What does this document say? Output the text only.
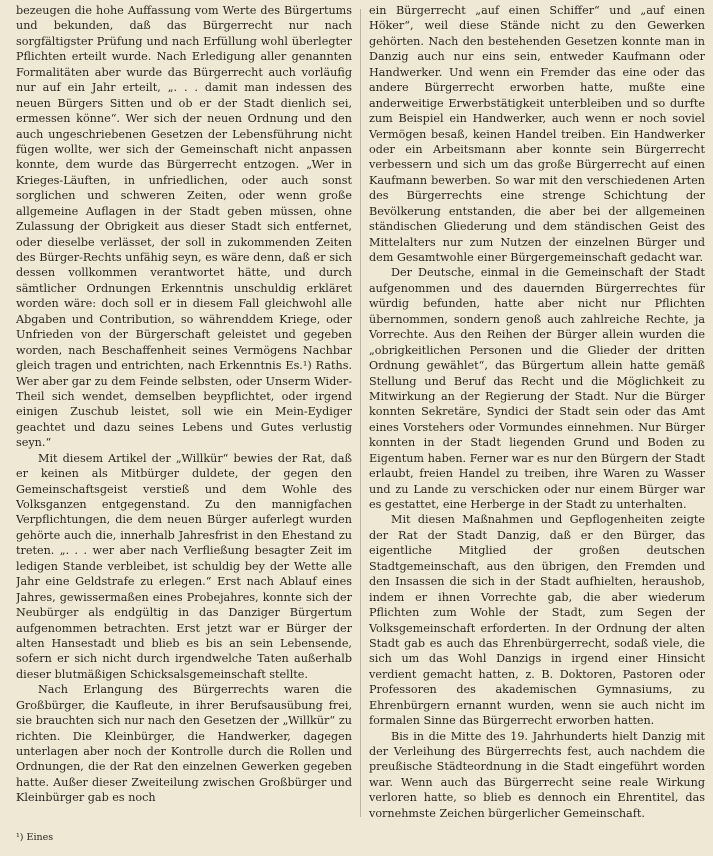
bezeugen die hohe Auffassung vom Werte des Bürgertums und bekunden, daß das Bürgerrecht nur nach sorgfältigster Prüfung und nach Erfüllung wohl überlegter Pflichten erteilt wurde. Nach Erledigung aller genannten Formalitäten aber wurde das Bürgerrecht auch vorläufig nur auf ein Jahr erteilt, „. . . damit man indessen des neuen Bürgers Sitten und ob er der Stadt dienlich sei, ermessen könne“. Wer sich der neuen Ordnung und den auch ungeschriebenen Gesetzen der Lebensführung nicht fügen wollte, wer sich der Gemeinschaft nicht anpassen konnte, dem wurde das Bürgerrecht entzogen. „Wer in Krieges-Läuften, in unfriedlichen, oder auch sonst sorglichen und schweren Zeiten, oder wenn große allgemeine Auflagen in der Stadt geben müssen, ohne Zulassung der Obrigkeit aus dieser Stadt sich entfernet, oder dieselbe verlässet, der soll in zukommenden Zeiten des Bürger-Rechts unfähig seyn, es wäre denn, daß er sich dessen vollkommen verantwortet hätte, und durch sämtlicher Ordnungen Erkenntnis unschuldig erkläret worden wäre: doch soll er in diesem Fall gleichwohl alle Abgaben und Contribution, so währenddem Kriege, oder Unfrieden von der Bürgerschaft geleistet und gegeben worden, nach Beschaffenheit seines Vermögens Nachbar gleich tragen und entrichten, nach Erkenntnis Es.¹) Raths. Wer aber gar zu dem Feinde selbsten, oder Unserm Wider-Theil sich wendet, demselben beypflichtet, oder irgend einigen Zuschub leistet, soll wie ein Mein-Eydiger geachtet und dazu seines Lebens und Gutes verlustig seyn.“

Mit diesem Artikel der „Willkür“ bewies der Rat, daß er keinen als Mitbürger duldete, der gegen den Gemeinschaftsgeist verstieß und dem Wohle des Volksganzen entgegenstand. Zu den mannigfachen Verpflichtungen, die dem neuen Bürger auferlegt wurden gehörte auch die, innerhalb Jahresfrist in den Ehestand zu treten. „. . . wer aber nach Verfließung besagter Zeit im ledigen Stande verbleibet, ist schuldig bey der Wette alle Jahr eine Geldstrafe zu erlegen.“ Erst nach Ablauf eines Jahres, gewissermaßen eines Probejahres, konnte sich der Neubürger als endgültig in das Danziger Bürgertum aufgenommen betrachten. Erst jetzt war er Bürger der alten Hansestadt und blieb es bis an sein Lebensende, sofern er sich nicht durch irgendwelche Taten außerhalb dieser blutmäßigen Schicksalsgemeinschaft stellte.

Nach Erlangung des Bürgerrechts waren die Großbürger, die Kaufleute, in ihrer Berufsausübung frei, sie brauchten sich nur nach den Gesetzen der „Willkür“ zu richten. Die Kleinbürger, die Handwerker, dagegen unterlagen aber noch der Kontrolle durch die Rollen und Ordnungen, die der Rat den einzelnen Gewerken gegeben hatte. Außer dieser Zweiteilung zwischen Großbürger und Kleinbürger gab es noch

ein Bürgerrecht „auf einen Schiffer“ und „auf einen Höker“, weil diese Stände nicht zu den Gewerken gehörten. Nach den bestehenden Gesetzen konnte man in Danzig auch nur eins sein, entweder Kaufmann oder Handwerker. Und wenn ein Fremder das eine oder das andere Bürgerrecht erworben hatte, mußte eine anderweitige Erwerbstätigkeit unterbleiben und so durfte zum Beispiel ein Handwerker, auch wenn er noch soviel Vermögen besaß, keinen Handel treiben. Ein Handwerker oder ein Arbeitsmann aber konnte sein Bürgerrecht verbessern und sich um das große Bürgerrecht auf einen Kaufmann bewerben. So war mit den verschiedenen Arten des Bürgerrechts eine strenge Schichtung der Bevölkerung entstanden, die aber bei der allgemeinen ständischen Gliederung und dem ständischen Geist des Mittelalters nur zum Nutzen der einzelnen Bürger und dem Gesamtwohle einer Bürgergemeinschaft gedacht war.

Der Deutsche, einmal in die Gemeinschaft der Stadt aufgenommen und des dauernden Bürgerrechtes für würdig befunden, hatte aber nicht nur Pflichten übernommen, sondern genoß auch zahlreiche Rechte, ja Vorrechte. Aus den Reihen der Bürger allein wurden die „obrigkeitlichen Personen und die Glieder der dritten Ordnung gewählet“, das Bürgertum allein hatte gemäß Stellung und Beruf das Recht und die Möglichkeit zu Mitwirkung an der Regierung der Stadt. Nur die Bürger konnten Sekretäre, Syndici der Stadt sein oder das Amt eines Vorstehers oder Vormundes einnehmen. Nur Bürger konnten in der Stadt liegenden Grund und Boden zu Eigentum haben. Ferner war es nur den Bürgern der Stadt erlaubt, freien Handel zu treiben, ihre Waren zu Wasser und zu Lande zu verschicken oder nur einem Bürger war es gestattet, eine Herberge in der Stadt zu unterhalten.

Mit diesen Maßnahmen und Gepflogenheiten zeigte der Rat der Stadt Danzig, daß er den Bürger, das eigentliche Mitglied der großen deutschen Stadtgemeinschaft, aus den übrigen, den Fremden und den Insassen die sich in der Stadt aufhielten, heraushob, indem er ihnen Vorrechte gab, die aber wiederum Pflichten zum Wohle der Stadt, zum Segen der Volksgemeinschaft erforderten. In der Ordnung der alten Stadt gab es auch das Ehrenbürgerrecht, sodaß viele, die sich um das Wohl Danzigs in irgend einer Hinsicht verdient gemacht hatten, z. B. Doktoren, Pastoren oder Professoren des akademischen Gymnasiums, zu Ehrenbürgern ernannt wurden, wenn sie auch nicht im formalen Sinne das Bürgerrecht erworben hatten.

Bis in die Mitte des 19. Jahrhunderts hielt Danzig mit der Verleihung des Bürgerrechts fest, auch nachdem die preußische Städteordnung in die Stadt eingeführt worden war. Wenn auch das Bürgerrecht seine reale Wirkung verloren hatte, so blieb es dennoch ein Ehrentitel, das vornehmste Zeichen bürgerlicher Gemeinschaft.

¹) Eines
